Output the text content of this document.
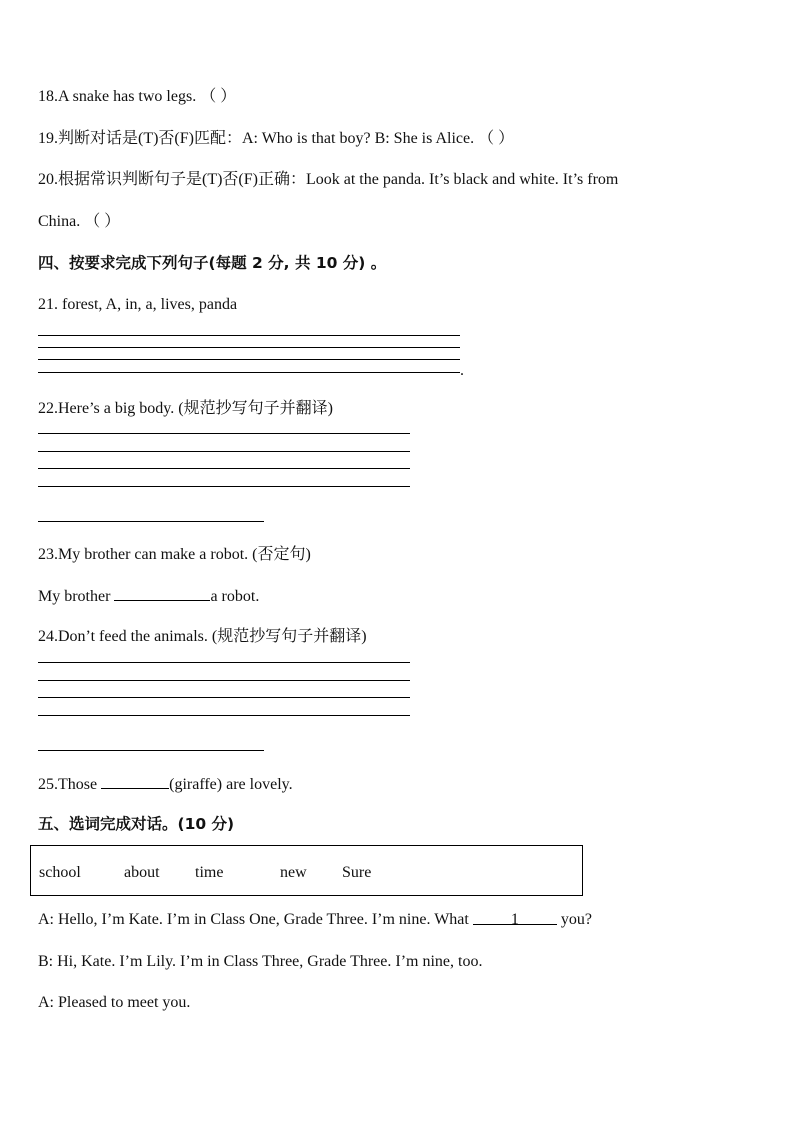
18.A snake has two legs. （ ）
19.判断对话是(T)否(F)匹配：A: Who is that boy? B: She is Alice. （ ）
20.根据常识判断句子是(T)否(F)正确：Look at the panda. It’s black and white. It’s from
China. （ ）
四、按要求完成下列句子(每题 2 分, 共 10 分) 。
21. forest, A, in, a, lives, panda
.
22.Here’s a big body. (规范抄写句子并翻译)
23.My brother can make a robot. (否定句)
My brother	a robot.
24.Don’t feed the animals. (规范抄写句子并翻译)
25.Those	(giraffe) are lovely.
五、选词完成对话。(10 分)
school	about time	new Sure
A: Hello, I’m Kate. I’m in Class One, Grade Three. I’m nine. What 1 you?
B: Hi, Kate. I’m Lily. I’m in Class Three, Grade Three. I’m nine, too.
A: Pleased to meet you.
